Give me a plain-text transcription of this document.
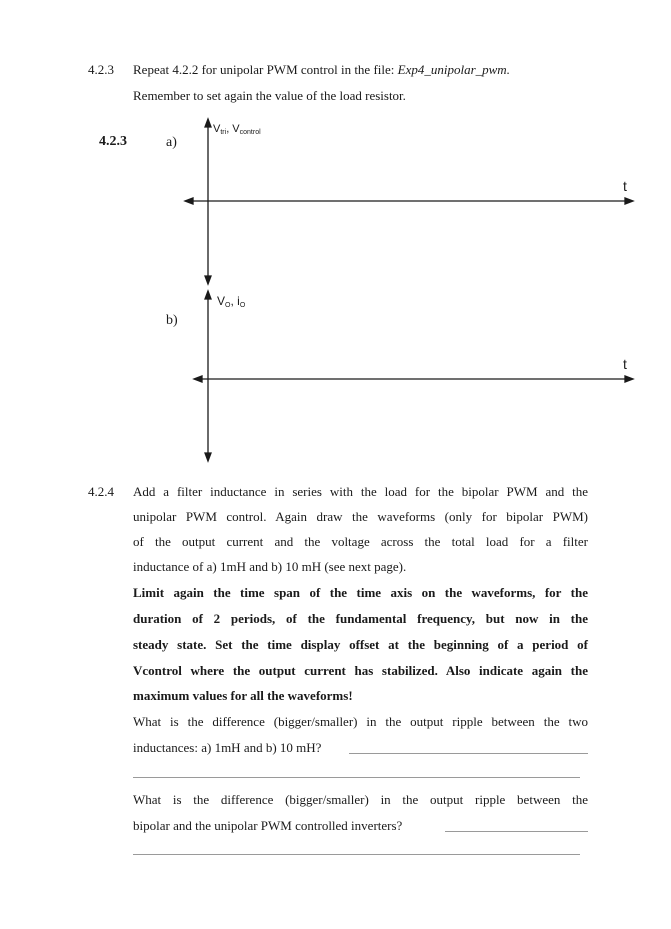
4.2.3 Repeat 4.2.2 for unipolar PWM control in the file: Exp4_unipolar_pwm.
Remember to set again the value of the load resistor.
4.2.3	a)
$V_{tri}$, $V_{control}$
t
b)
$V_O$, $i_O$
t
4.2.4 Add a filter inductance in series with the load for the bipolar PWM and the
unipolar PWM control. Again draw the waveforms (only for bipolar PWM)
of the output current and the voltage across the total load for a filter
inductance of a) 1mH and b) 10 mH (see next page).
Limit again the time span of the time axis on the waveforms, for the
duration of 2 periods, of the fundamental frequency, but now in the
steady state. Set the time display offset at the beginning of a period of
Vcontrol where the output current has stabilized. Also indicate again the
maximum values for all the waveforms!
What is the difference (bigger/smaller) in the output ripple between the two
inductances: a) 1mH and b) 10 mH?
What is the difference (bigger/smaller) in the output ripple between the
bipolar and the unipolar PWM controlled inverters?
